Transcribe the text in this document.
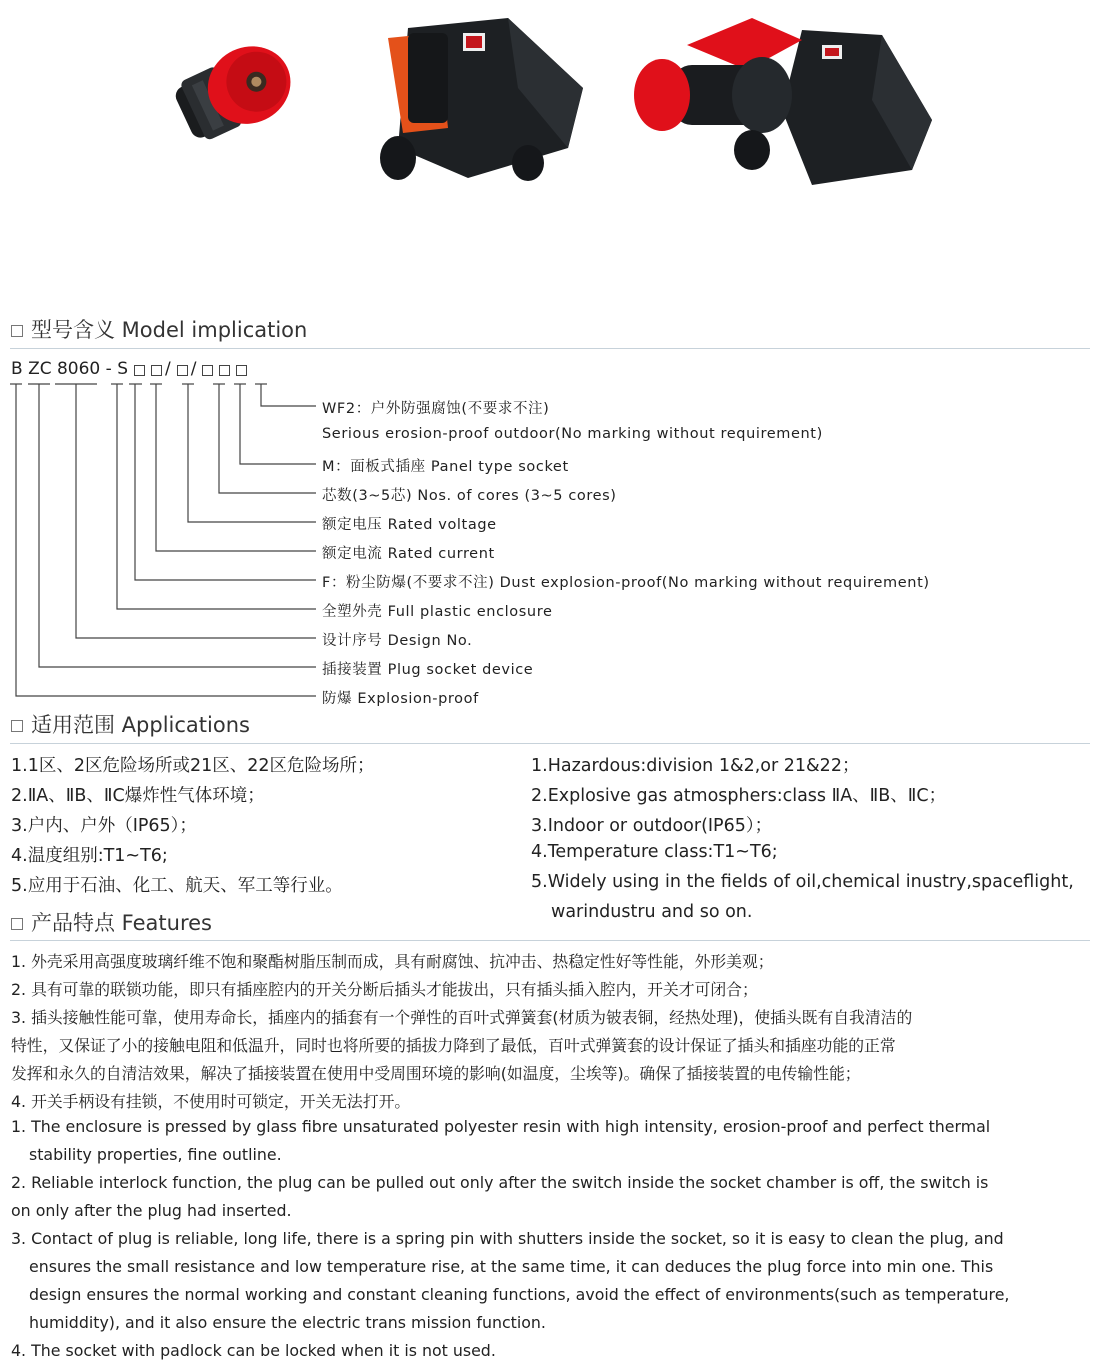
型号含义 Model implication
B ZC 8060 - S / /
WF2：户外防强腐蚀(不要求不注)
Serious erosion-proof outdoor(No marking without requirement)
M：面板式插座 Panel type socket
芯数(3~5芯) Nos. of cores (3~5 cores)
额定电压 Rated voltage
额定电流 Rated current
F：粉尘防爆(不要求不注) Dust explosion-proof(No marking without requirement)
全塑外壳 Full plastic enclosure
设计序号 Design No.
插接装置 Plug socket device
防爆 Explosion-proof
适用范围 Applications
1.1区、2区危险场所或21区、22区危险场所；
2.ⅡA、ⅡB、ⅡC爆炸性气体环境；
3.户内、户外（IP65）；
4.温度组别:T1~T6;
5.应用于石油、化工、航天、军工等行业。
1.Hazardous:division 1&2,or 21&22；
2.Explosive gas atmosphers:class ⅡA、ⅡB、ⅡC；
3.Indoor or outdoor(IP65）；
4.Temperature class:T1~T6;
5.Widely using in the fields of oil,chemical inustry,spaceflight,
warindustru and so on.
产品特点 Features
1. 外壳采用高强度玻璃纤维不饱和聚酯树脂压制而成，具有耐腐蚀、抗冲击、热稳定性好等性能，外形美观；
2. 具有可靠的联锁功能，即只有插座腔内的开关分断后插头才能拔出，只有插头插入腔内，开关才可闭合；
3. 插头接触性能可靠，使用寿命长，插座内的插套有一个弹性的百叶式弹簧套(材质为铍表铜，经热处理)，使插头既有自我清洁的
特性，又保证了小的接触电阻和低温升，同时也将所要的插拔力降到了最低，百叶式弹簧套的设计保证了插头和插座功能的正常
发挥和永久的自清洁效果，解决了插接装置在使用中受周围环境的影响(如温度，尘埃等)。确保了插接装置的电传输性能；
4. 开关手柄设有挂锁，不使用时可锁定，开关无法打开。
1. The enclosure is pressed by glass fibre unsaturated polyester resin with high intensity, erosion-proof and perfect thermal
stability properties, fine outline.
2. Reliable interlock function, the plug can be pulled out only after the switch inside the socket chamber is off, the switch is
on only after the plug had inserted.
3. Contact of plug is reliable, long life, there is a spring pin with shutters inside the socket, so it is easy to clean the plug, and
ensures the small resistance and low temperature rise, at the same time, it can deduces the plug force into min one. This
design ensures the normal working and constant cleaning functions, avoid the effect of environments(such as temperature,
humiddity), and it also ensure the electric trans mission function.
4. The socket with padlock can be locked when it is not used.
